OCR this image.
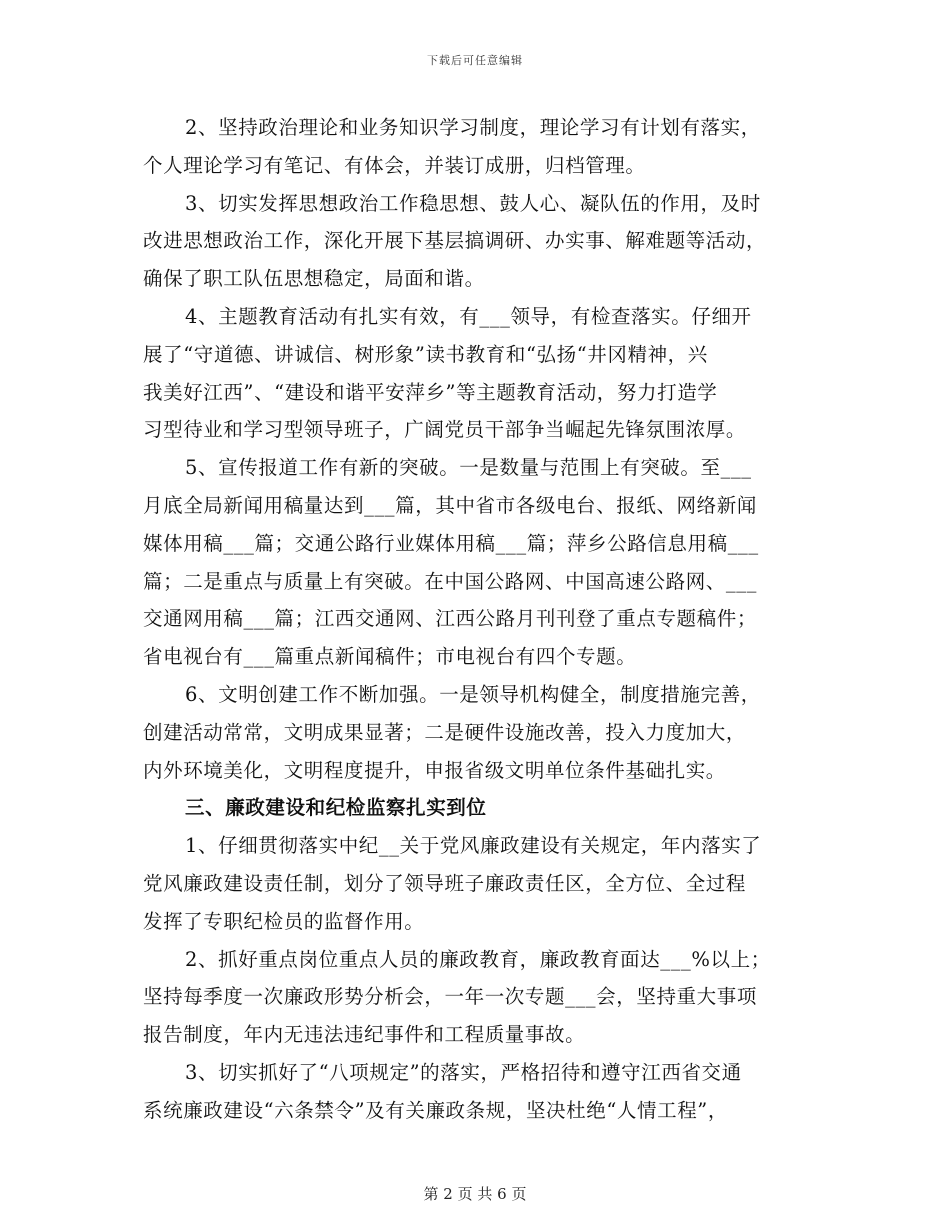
下载后可任意编辑
2、坚持政治理论和业务知识学习制度，理论学习有计划有落实，
个人理论学习有笔记、有体会，并装订成册，归档管理。
3、切实发挥思想政治工作稳思想、鼓人心、凝队伍的作用，及时
改进思想政治工作，深化开展下基层搞调研、办实事、解难题等活动，
确保了职工队伍思想稳定，局面和谐。
4、主题教育活动有扎实有效，有___领导，有检查落实。仔细开
展了“守道德、讲诚信、树形象”读书教育和“弘扬“井冈精神，兴
我美好江西”、“建设和谐平安萍乡”等主题教育活动，努力打造学
习型待业和学习型领导班子，广阔党员干部争当崛起先锋氛围浓厚。
5、宣传报道工作有新的突破。一是数量与范围上有突破。至___
月底全局新闻用稿量达到___篇，其中省市各级电台、报纸、网络新闻
媒体用稿___篇；交通公路行业媒体用稿___篇；萍乡公路信息用稿___
篇；二是重点与质量上有突破。在中国公路网、中国高速公路网、___
交通网用稿___篇；江西交通网、江西公路月刊刊登了重点专题稿件；
省电视台有___篇重点新闻稿件；市电视台有四个专题。
6、文明创建工作不断加强。一是领导机构健全，制度措施完善，
创建活动常常，文明成果显著；二是硬件设施改善，投入力度加大，
内外环境美化，文明程度提升，申报省级文明单位条件基础扎实。
三、廉政建设和纪检监察扎实到位
1、仔细贯彻落实中纪__关于党风廉政建设有关规定，年内落实了
党风廉政建设责任制，划分了领导班子廉政责任区，全方位、全过程
发挥了专职纪检员的监督作用。
2、抓好重点岗位重点人员的廉政教育，廉政教育面达___%以上；
坚持每季度一次廉政形势分析会，一年一次专题___会，坚持重大事项
报告制度，年内无违法违纪事件和工程质量事故。
3、切实抓好了“八项规定”的落实，严格招待和遵守江西省交通
系统廉政建设“六条禁令”及有关廉政条规，坚决杜绝“人情工程”，
第 2 页 共 6 页
